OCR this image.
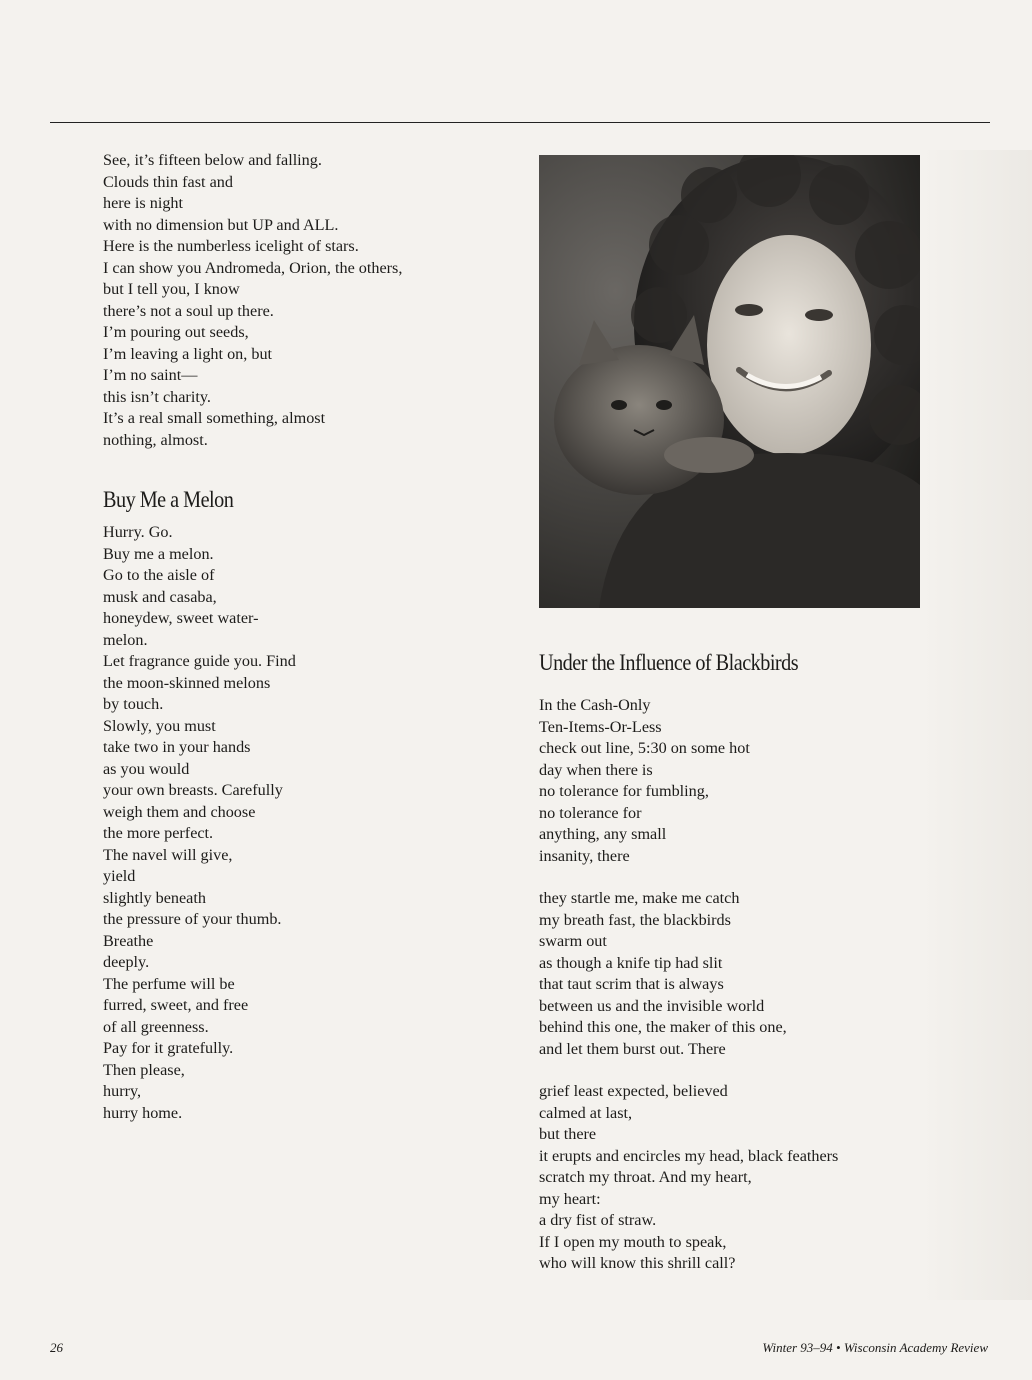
See, it’s fifteen below and falling.

Clouds thin fast and

here is night

with no dimension but UP and ALL.

Here is the numberless icelight of stars.

I can show you Andromeda, Orion, the others,

but I tell you, I know

there’s not a soul up there.

I’m pouring out seeds,

I’m leaving a light on, but

I’m no saint—

this isn’t charity.

It’s a real small something, almost

nothing, almost.

Buy Me a Melon

Hurry. Go.

Buy me a melon.

Go to the aisle of

musk and casaba,

honeydew, sweet water-

melon.

Let fragrance guide you. Find

the moon-skinned melons

by touch.

Slowly, you must

take two in your hands

as you would

your own breasts. Carefully

weigh them and choose

the more perfect.

The navel will give,

yield

slightly beneath

the pressure of your thumb.

Breathe

deeply.

The perfume will be

furred, sweet, and free

of all greenness.

Pay for it gratefully.

Then please,

hurry,

hurry home.

Under the Influence of Blackbirds

In the Cash-Only

Ten-Items-Or-Less

check out line, 5:30 on some hot

day when there is

no tolerance for fumbling,

no tolerance for

anything, any small

insanity, there

they startle me, make me catch

my breath fast, the blackbirds

swarm out

as though a knife tip had slit

that taut scrim that is always

between us and the invisible world

behind this one, the maker of this one,

and let them burst out. There

grief least expected, believed

calmed at last,

but there

it erupts and encircles my head, black feathers

scratch my throat. And my heart,

my heart:

a dry fist of straw.

If I open my mouth to speak,

who will know this shrill call?

26	Winter 93–94 • Wisconsin Academy Review
